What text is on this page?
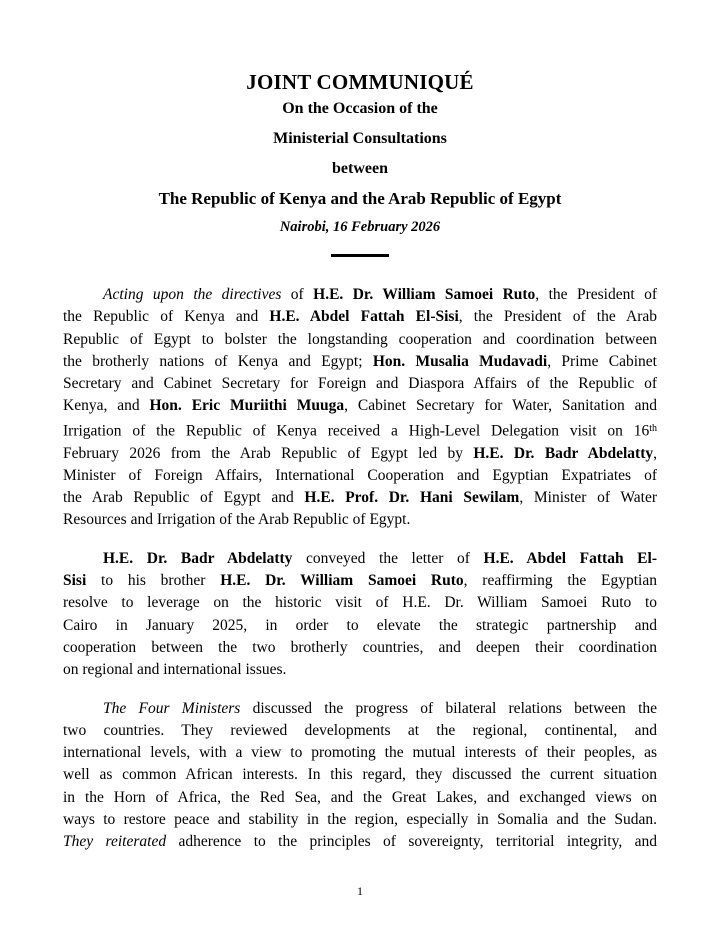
JOINT COMMUNIQUÉ
On the Occasion of the
Ministerial Consultations
between
The Republic of Kenya and the Arab Republic of Egypt
Nairobi, 16 February 2026
Acting upon the directives of H.E. Dr. William Samoei Ruto, the President of
the Republic of Kenya and H.E. Abdel Fattah El-Sisi, the President of the Arab
Republic of Egypt to bolster the longstanding cooperation and coordination between
the brotherly nations of Kenya and Egypt; Hon. Musalia Mudavadi, Prime Cabinet
Secretary and Cabinet Secretary for Foreign and Diaspora Affairs of the Republic of
Kenya, and Hon. Eric Muriithi Muuga, Cabinet Secretary for Water, Sanitation and
Irrigation of the Republic of Kenya received a High-Level Delegation visit on 16th
February 2026 from the Arab Republic of Egypt led by H.E. Dr. Badr Abdelatty,
Minister of Foreign Affairs, International Cooperation and Egyptian Expatriates of
the Arab Republic of Egypt and H.E. Prof. Dr. Hani Sewilam, Minister of Water
Resources and Irrigation of the Arab Republic of Egypt.
H.E. Dr. Badr Abdelatty conveyed the letter of H.E. Abdel Fattah El-
Sisi to his brother H.E. Dr. William Samoei Ruto, reaffirming the Egyptian
resolve to leverage on the historic visit of H.E. Dr. William Samoei Ruto to
Cairo in January 2025, in order to elevate the strategic partnership and
cooperation between the two brotherly countries, and deepen their coordination
on regional and international issues.
The Four Ministers discussed the progress of bilateral relations between the
two countries. They reviewed developments at the regional, continental, and
international levels, with a view to promoting the mutual interests of their peoples, as
well as common African interests. In this regard, they discussed the current situation
in the Horn of Africa, the Red Sea, and the Great Lakes, and exchanged views on
ways to restore peace and stability in the region, especially in Somalia and the Sudan.
They reiterated adherence to the principles of sovereignty, territorial integrity, and
1
